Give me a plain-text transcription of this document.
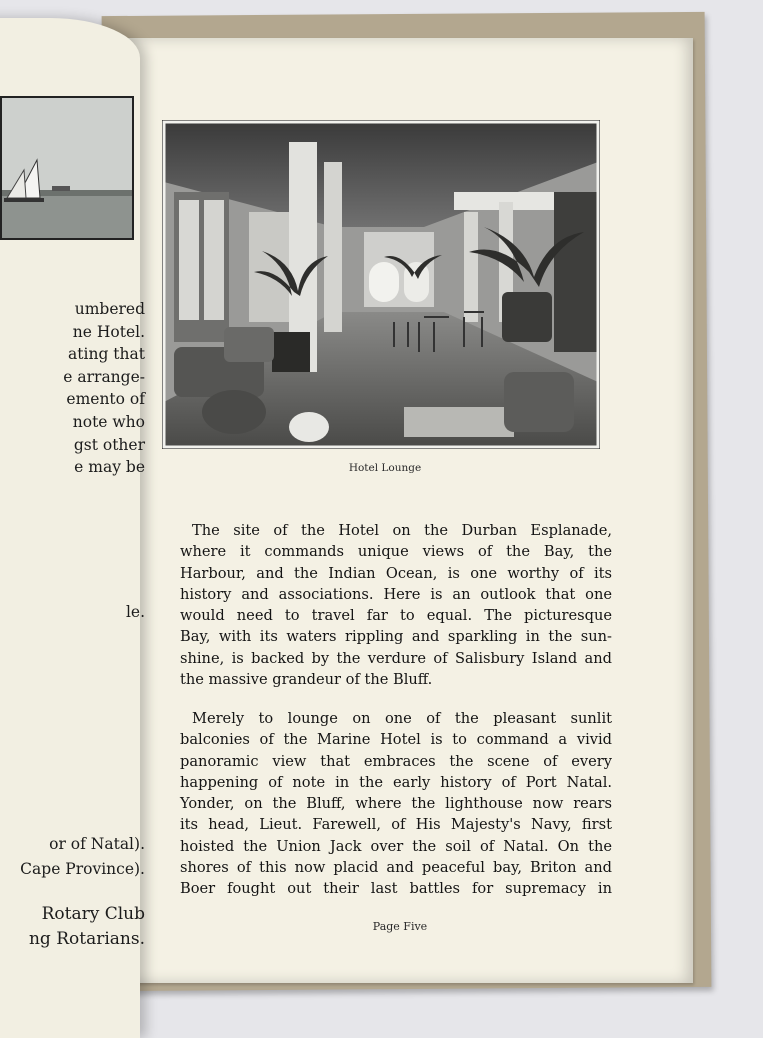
umbered
ne Hotel.
ating that
e arrange-
emento of
note who
gst other
e may be
le.
or of Natal).
Cape Province).
Rotary Club
ng Rotarians.
Hotel Lounge
The site of the Hotel on the Durban Esplanade,
where it commands unique views of the Bay, the
Harbour, and the Indian Ocean, is one worthy of its
history and associations. Here is an outlook that one
would need to travel far to equal. The picturesque
Bay, with its waters rippling and sparkling in the sun-
shine, is backed by the verdure of Salisbury Island and
the massive grandeur of the Bluff.
Merely to lounge on one of the pleasant sunlit
balconies of the Marine Hotel is to command a vivid
panoramic view that embraces the scene of every
happening of note in the early history of Port Natal.
Yonder, on the Bluff, where the lighthouse now rears
its head, Lieut. Farewell, of His Majesty's Navy, first
hoisted the Union Jack over the soil of Natal. On the
shores of this now placid and peaceful bay, Briton and
Boer fought out their last battles for supremacy in
Page Five
